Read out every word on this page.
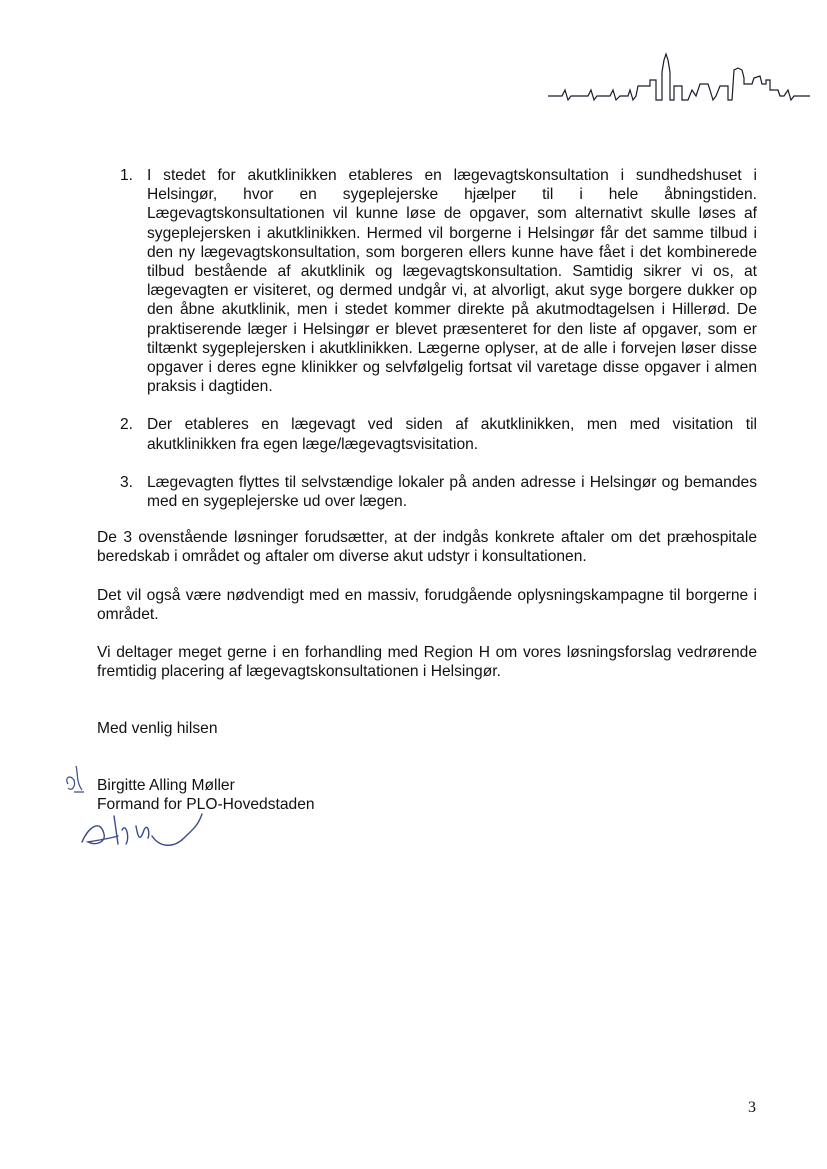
1. I stedet for akutklinikken etableres en lægevagtskonsultation i sundhedshuset i Helsingør, hvor en sygeplejerske hjælper til i hele åbningstiden. Lægevagtskonsultationen vil kunne løse de opgaver, som alternativt skulle løses af sygeplejersken i akutklinikken. Hermed vil borgerne i Helsingør får det samme tilbud i den ny lægevagtskonsultation, som borgeren ellers kunne have fået i det kombinerede tilbud bestående af akutklinik og lægevagtskonsultation. Samtidig sikrer vi os, at lægevagten er visiteret, og dermed undgår vi, at alvorligt, akut syge borgere dukker op den åbne akutklinik, men i stedet kommer direkte på akutmodtagelsen i Hillerød. De praktiserende læger i Helsingør er blevet præsenteret for den liste af opgaver, som er tiltænkt sygeplejersken i akutklinikken. Lægerne oplyser, at de alle i forvejen løser disse opgaver i deres egne klinikker og selvfølgelig fortsat vil varetage disse opgaver i almen praksis i dagtiden.
2. Der etableres en lægevagt ved siden af akutklinikken, men med visitation til akutklinikken fra egen læge/lægevagtsvisitation.
3. Lægevagten flyttes til selvstændige lokaler på anden adresse i Helsingør og bemandes med en sygeplejerske ud over lægen.

De 3 ovenstående løsninger forudsætter, at der indgås konkrete aftaler om det præhospitale beredskab i området og aftaler om diverse akut udstyr i konsultationen.

Det vil også være nødvendigt med en massiv, forudgående oplysningskampagne til borgerne i området.

Vi deltager meget gerne i en forhandling med Region H om vores løsningsforslag vedrørende fremtidig placering af lægevagtskonsultationen i Helsingør.

Med venlig hilsen

Birgitte Alling Møller
Formand for PLO-Hovedstaden
3
